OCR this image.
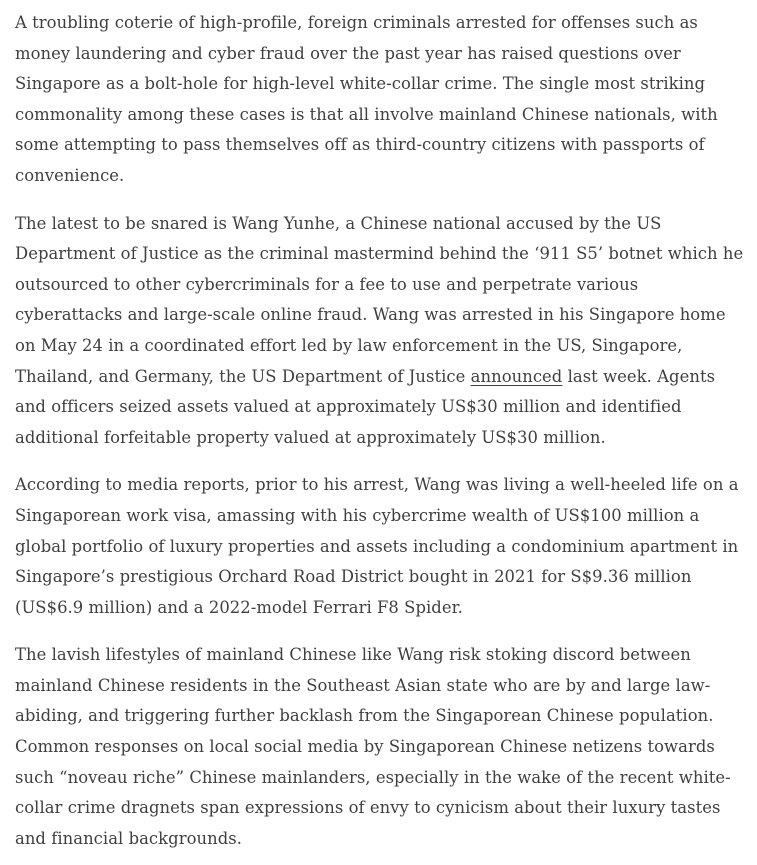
A troubling coterie of high-profile, foreign criminals arrested for offenses such as money laundering and cyber fraud over the past year has raised questions over Singapore as a bolt-hole for high-level white-collar crime. The single most striking commonality among these cases is that all involve mainland Chinese nationals, with some attempting to pass themselves off as third-country citizens with passports of convenience.

The latest to be snared is Wang Yunhe, a Chinese national accused by the US Department of Justice as the criminal mastermind behind the ‘911 S5’ botnet which he outsourced to other cybercriminals for a fee to use and perpetrate various cyberattacks and large-scale online fraud. Wang was arrested in his Singapore home on May 24 in a coordinated effort led by law enforcement in the US, Singapore, Thailand, and Germany, the US Department of Justice announced last week. Agents and officers seized assets valued at approximately US$30 million and identified additional forfeitable property valued at approximately US$30 million.

According to media reports, prior to his arrest, Wang was living a well-heeled life on a Singaporean work visa, amassing with his cybercrime wealth of US$100 million a global portfolio of luxury properties and assets including a condominium apartment in Singapore’s prestigious Orchard Road District bought in 2021 for S$9.36 million (US$6.9 million) and a 2022-model Ferrari F8 Spider.

The lavish lifestyles of mainland Chinese like Wang risk stoking discord between mainland Chinese residents in the Southeast Asian state who are by and large law-abiding, and triggering further backlash from the Singaporean Chinese population. Common responses on local social media by Singaporean Chinese netizens towards such “noveau riche” Chinese mainlanders, especially in the wake of the recent white-collar crime dragnets span expressions of envy to cynicism about their luxury tastes and financial backgrounds.
